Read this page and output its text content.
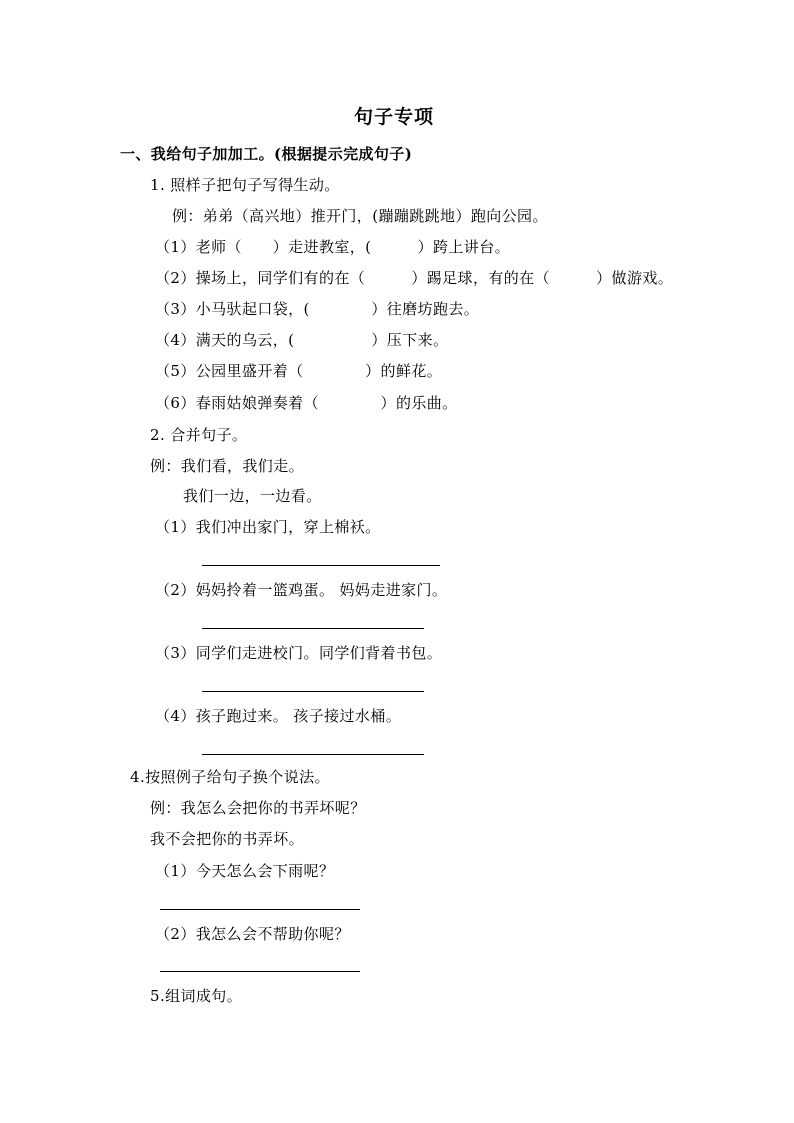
句子专项
一、我给句子加加工。(根据提示完成句子)
1. 照样子把句子写得生动。
例：弟弟（高兴地）推开门，(蹦蹦跳跳地）跑向公园。
（1）老师（　　）走进教室，(　　　）跨上讲台。
（2）操场上，同学们有的在（　　　）踢足球，有的在（　　　）做游戏。
（3）小马驮起口袋，(　　　　）往磨坊跑去。
（4）满天的乌云，(　　　　　）压下来。
（5）公园里盛开着（　　　　）的鲜花。
（6）春雨姑娘弹奏着（　　　　）的乐曲。
2. 合并句子。
例：我们看，我们走。
我们一边，一边看。
（1）我们冲出家门，穿上棉袄。
（2）妈妈拎着一篮鸡蛋。 妈妈走进家门。
（3）同学们走进校门。同学们背着书包。
（4）孩子跑过来。 孩子接过水桶。
4.按照例子给句子换个说法。
例：我怎么会把你的书弄坏呢？
我不会把你的书弄坏。
（1）今天怎么会下雨呢？
（2）我怎么会不帮助你呢？
5.组词成句。
